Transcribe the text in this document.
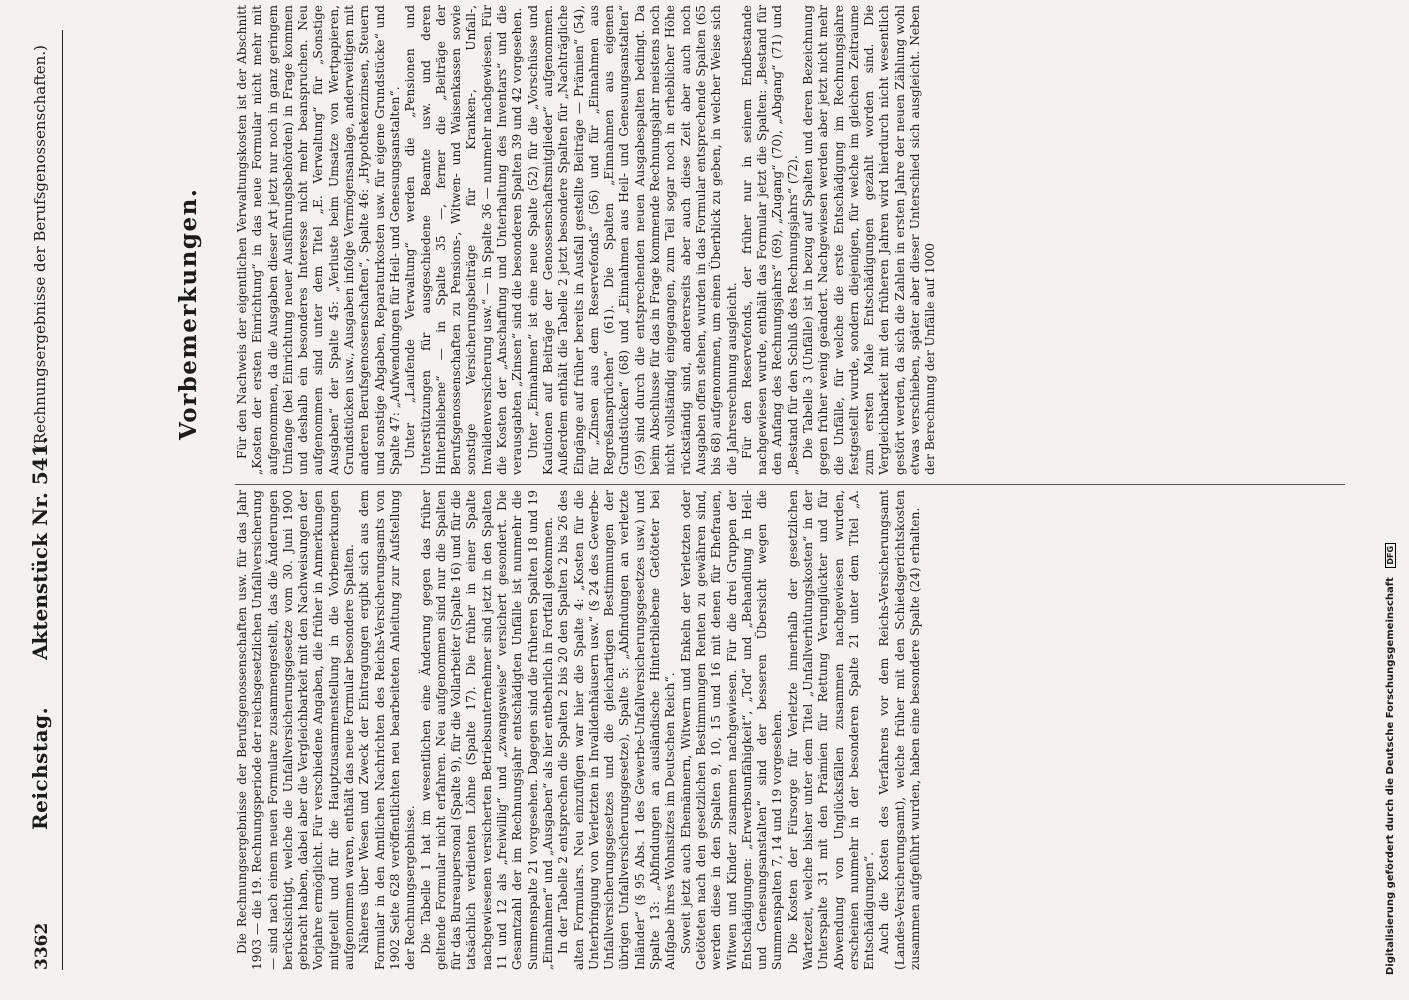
3362
Reichstag.
Aktenstück Nr. 541.
(Rechnungsergebnisse der Berufsgenossenschaften.)	Vorbemerkungen.

Die Rechnungsergebnisse der Berufsgenossenschaften usw. für das Jahr 1903 — die 19. Rechnungsperiode der reichsgesetzlichen Unfallversicherung — sind nach einem neuen Formulare zusammengestellt, das die Änderungen berücksichtigt, welche die Unfallversicherungsgesetze vom 30. Juni 1900 gebracht haben, dabei aber die Vergleichbarkeit mit den Nachweisungen der Vorjahre ermöglicht. Für verschiedene Angaben, die früher in Anmerkungen mitgeteilt und für die Hauptzusammenstellung in die Vorbemerkungen aufgenommen waren, enthält das neue Formular besondere Spalten. Näheres über Wesen und Zweck der Eintragungen ergibt sich aus dem Formular in den Amtlichen Nachrichten des Reichs-Versicherungsamts von 1902 Seite 628 veröffentlichten neu bearbeiteten Anleitung zur Aufstellung der Rechnungsergebnisse. Die Tabelle 1 hat im wesentlichen eine Änderung gegen das früher geltende Formular nicht erfahren. Neu aufgenommen sind nur die Spalten für das Bureaupersonal (Spalte 9), für die Vollarbeiter (Spalte 16) und für die tatsächlich verdienten Löhne (Spalte 17). Die früher in einer Spalte nachgewiesenen versicherten Betriebsunternehmer sind jetzt in den Spalten 11 und 12 als „freiwillig“ und „zwangsweise“ versichert gesondert. Die Gesamtzahl der im Rechnungsjahr entschädigten Unfälle ist nunmehr die Summenspalte 21 vorgesehen. Dagegen sind die früheren Spalten 18 und 19 „Einnahmen“ und „Ausgaben“ als hier entbehrlich in Fortfall gekommen. In der Tabelle 2 entsprechen die Spalten 2 bis 20 den Spalten 2 bis 26 des alten Formulars. Neu einzufügen war hier die Spalte 4: „Kosten für die Unterbringung von Verletzten in Invalidenhäusern usw.“ (§ 24 des Gewerbe-Unfallversicherungsgesetzes und die gleichartigen Bestimmungen der übrigen Unfallversicherungsgesetze), Spalte 5: „Abfindungen an verletzte Inländer“ (§ 95 Abs. 1 des Gewerbe-Unfallversicherungsgesetzes usw.) und Spalte 13: „Abfindungen an ausländische Hinterbliebene Getöteter bei Aufgabe ihres Wohnsitzes im Deutschen Reich“. Soweit jetzt auch Ehemännern, Witwern und Enkeln der Verletzten oder Getöteten nach den gesetzlichen Bestimmungen Renten zu gewähren sind, werden diese in den Spalten 9, 10, 15 und 16 mit denen für Ehefrauen, Witwen und Kinder zusammen nachgewiesen. Für die drei Gruppen der Entschädigungen: „Erwerbsunfähigkeit“, „Tod“ und „Behandlung in Heil- und Genesungsanstalten“ sind der besseren Übersicht wegen die Summenspalten 7, 14 und 19 vorgesehen. Die Kosten der Fürsorge für Verletzte innerhalb der gesetzlichen Wartezeit, welche bisher unter dem Titel „Unfallverhütungskosten“ in der Unterspalte 31 mit den Prämien für Rettung Verunglückter und für Abwendung von Unglücksfällen zusammen nachgewiesen wurden, erscheinen nunmehr in der besonderen Spalte 21 unter dem Titel „A. Entschädigungen“. Auch die Kosten des Verfahrens vor dem Reichs-Versicherungsamt (Landes-Versicherungsamt), welche früher mit den Schiedsgerichtskosten zusammen aufgeführt wurden, haben eine besondere Spalte (24) erhalten.

Für den Nachweis der eigentlichen Verwaltungskosten ist der Abschnitt „Kosten der ersten Einrichtung“ in das neue Formular nicht mehr mit aufgenommen, da die Ausgaben dieser Art jetzt nur noch in ganz geringem Umfange (bei Einrichtung neuer Ausführungsbehörden) in Frage kommen und deshalb ein besonderes Interesse nicht mehr beanspruchen. Neu aufgenommen sind unter dem Titel „E. Verwaltung“ für „Sonstige Ausgaben“ der Spalte 45: „Verluste beim Umsatze von Wertpapieren, Grundstücken usw., Ausgaben infolge Vermögensanlage, anderweitigen mit anderen Berufsgenossenschaften“, Spalte 46: „Hypothekenzinsen, Steuern und sonstige Abgaben, Reparaturkosten usw. für eigene Grundstücke“ und Spalte 47: „Aufwendungen für Heil- und Genesungsanstalten“. Unter „Laufende Verwaltung“ werden die „Pensionen und Unterstützungen für ausgeschiedene Beamte usw. und deren Hinterbliebene“ — in Spalte 35 —, ferner die „Beiträge der Berufsgenossenschaften zu Pensions-, Witwen- und Waisenkassen sowie sonstige Versicherungsbeiträge für Kranken-, Unfall-, Invalidenversicherung usw.“ — in Spalte 36 — nunmehr nachgewiesen. Für die Kosten der „Anschaffung und Unterhaltung des Inventars“ und die verausgabten „Zinsen“ sind die besonderen Spalten 39 und 42 vorgesehen. Unter „Einnahmen“ ist eine neue Spalte (52) für die „Vorschüsse und Kautionen auf Beiträge der Genossenschaftsmitglieder“ aufgenommen. Außerdem enthält die Tabelle 2 jetzt besondere Spalten für „Nachträgliche Eingänge auf früher bereits in Ausfall gestellte Beiträge — Prämien“ (54), für „Zinsen aus dem Reservefonds“ (56) und für „Einnahmen aus Regreßansprüchen“ (61). Die Spalten „Einnahmen aus eigenen Grundstücken“ (68) und „Einnahmen aus Heil- und Genesungsanstalten“ (59) sind durch die entsprechenden neuen Ausgabespalten bedingt. Da beim Abschlusse für das in Frage kommende Rechnungsjahr meistens noch nicht vollständig eingegangen, zum Teil sogar noch in erheblicher Höhe rückständig sind, andererseits aber auch diese Zeit aber auch noch Ausgaben offen stehen, wurden in das Formular entsprechende Spalten (65 bis 68) aufgenommen, um einen Überblick zu geben, in welcher Weise sich die Jahresrechnung ausgleicht. Für den Reservefonds, der früher nur in seinem Endbestande nachgewiesen wurde, enthält das Formular jetzt die Spalten: „Bestand für den Anfang des Rechnungsjahrs“ (69), „Zugang“ (70), „Abgang“ (71) und „Bestand für den Schluß des Rechnungsjahrs“ (72). Die Tabelle 3 (Unfälle) ist in bezug auf Spalten und deren Bezeichnung gegen früher wenig geändert. Nachgewiesen werden aber jetzt nicht mehr die Unfälle, für welche die erste Entschädigung im Rechnungsjahre festgestellt wurde, sondern diejenigen, für welche im gleichen Zeitraume zum ersten Male Entschädigungen gezahlt worden sind. Die Vergleichbarkeit mit den früheren Jahren wird hierdurch nicht wesentlich gestört werden, da sich die Zahlen in ersten Jahre der neuen Zählung wohl etwas verschieben, später aber dieser Unterschied sich ausgleicht. Neben der Berechnung der Unfälle auf 1000

Digitalisierung gefördert durch die Deutsche Forschungsgemeinschaft DFG
